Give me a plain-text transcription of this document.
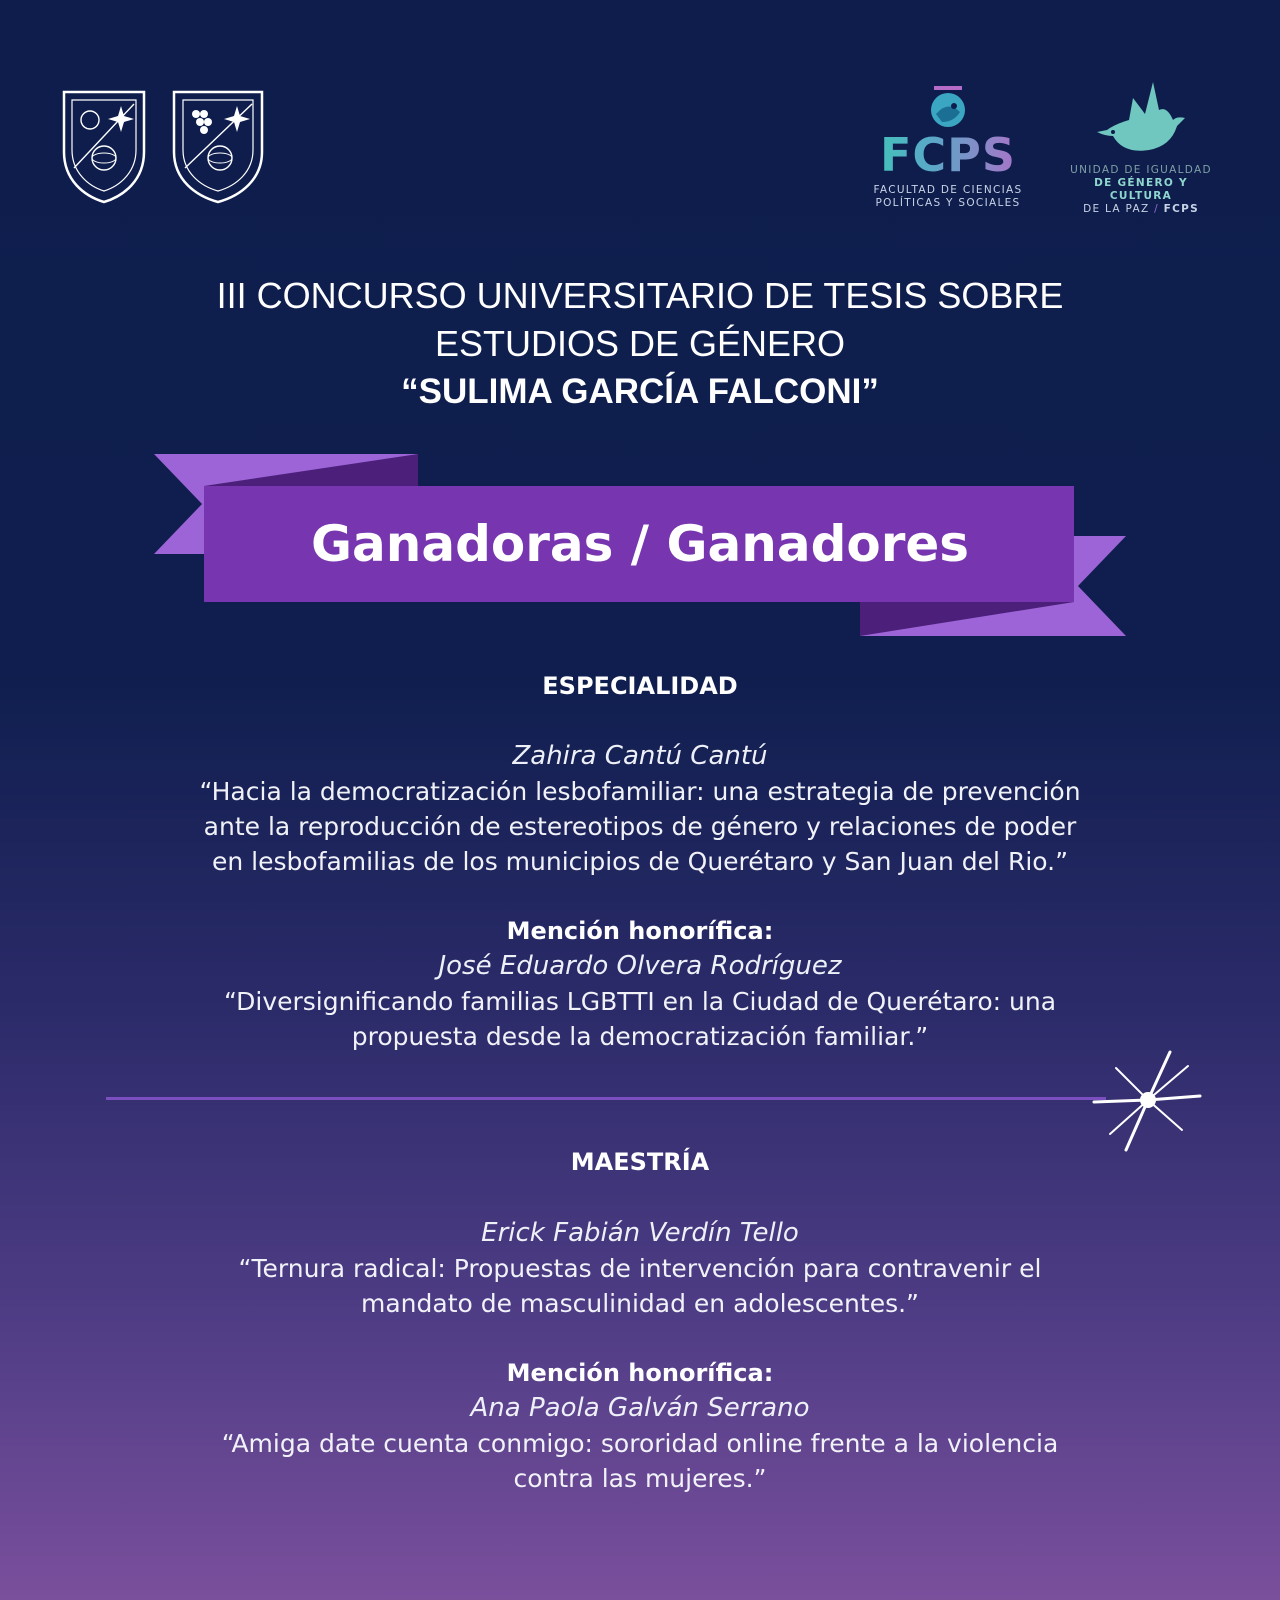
FCPS
FACULTAD DE CIENCIAS
POLÍTICAS Y SOCIALES
UNIDAD DE IGUALDAD
DE GÉNERO Y CULTURA
DE LA PAZ / FCPS
III CONCURSO UNIVERSITARIO DE TESIS SOBRE
ESTUDIOS DE GÉNERO
“SULIMA GARCÍA FALCONI”
Ganadoras / Ganadores
ESPECIALIDAD
Zahira Cantú Cantú
“Hacia la democratización lesbofamiliar: una estrategia de prevención
ante la reproducción de estereotipos de género y relaciones de poder
en lesbofamilias de los municipios de Querétaro y San Juan del Rio.”
Mención honorífica:
José Eduardo Olvera Rodríguez
“Diversignificando familias LGBTTI en la Ciudad de Querétaro: una
propuesta desde la democratización familiar.”
MAESTRÍA
Erick Fabián Verdín Tello
“Ternura radical: Propuestas de intervención para contravenir el
mandato de masculinidad en adolescentes.”
Mención honorífica:
Ana Paola Galván Serrano
“Amiga date cuenta conmigo: sororidad online frente a la violencia
contra las mujeres.”
